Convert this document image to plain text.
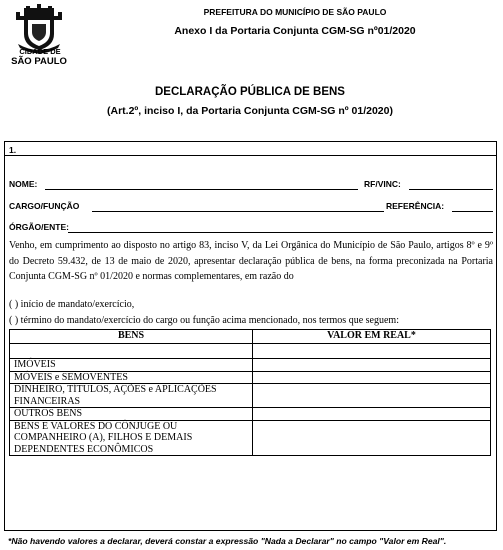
CIDADE DE
SÃO PAULO
PREFEITURA DO MUNICÍPIO DE SÃO PAULO
Anexo I da Portaria Conjunta CGM-SG nº01/2020
DECLARAÇÃO PÚBLICA DE BENS
(Art.2º, inciso I, da Portaria Conjunta CGM-SG nº 01/2020)
1.
NOME:	RF/VINC:
CARGO/FUNÇÃO	REFERÊNCIA:
ÓRGÃO/ENTE:
Venho, em cumprimento ao disposto no artigo 83, inciso V, da Lei Orgânica do Município de São Paulo, artigos 8º e 9º do Decreto 59.432, de 13 de maio de 2020, apresentar declaração pública de bens, na forma preconizada na Portaria Conjunta CGM-SG nº 01/2020 e normas complementares, em razão do
( ) início de mandato/exercício,
( ) término do mandato/exercício do cargo ou função acima mencionado, nos termos que seguem:
BENS	VALOR EM REAL*

IMÓVEIS	
MÓVEIS e SEMOVENTES	
DINHEIRO, TÍTULOS, AÇÕES e APLICAÇÕES FINANCEIRAS	
OUTROS BENS	
BENS E VALORES DO CÔNJUGE OU COMPANHEIRO (A), FILHOS E DEMAIS DEPENDENTES ECONÔMICOS	
*Não havendo valores a declarar, deverá constar a expressão "Nada a Declarar" no campo "Valor em Real".
